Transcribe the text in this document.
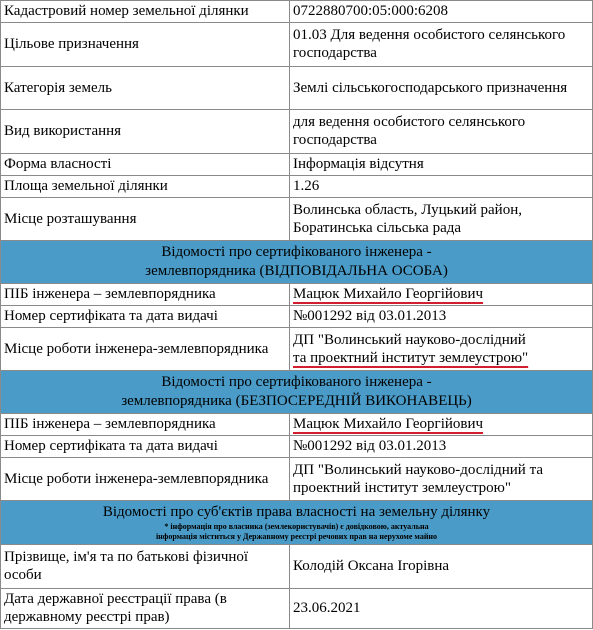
Кадастровий номер земельної ділянки	0722880700:05:000:6208
Цільове призначення	01.03 Для ведення особистого селянського господарства
Категорія земель	Землі сільськогосподарського призначення
Вид використання	для ведення особистого селянського господарства
Форма власності	Інформація відсутня
Площа земельної ділянки	1.26
Місце розташування	Волинська область, Луцький район, Боратинська сільська рада
Відомості про сертифікованого інженера -
землевпорядника (ВІДПОВІДАЛЬНА ОСОБА)	
ПІБ інженера – землевпорядника	Мацюк Михайло Георгійович
Номер сертифіката та дата видачі	№001292 від 03.01.2013
Місце роботи інженера-землевпорядника	ДП "Волинський науково-дослідний
та проектний інститут землеустрою"
Відомості про сертифікованого інженера -
землевпорядника (БЕЗПОСЕРЕДНІЙ ВИКОНАВЕЦЬ)	
ПІБ інженера – землевпорядника	Мацюк Михайло Георгійович
Номер сертифіката та дата видачі	№001292 від 03.01.2013
Місце роботи інженера-землевпорядника	ДП "Волинський науково-дослідний та проектний інститут землеустрою"
Відомості про суб'єктів права власності на земельну ділянку
* інформація про власника (землекористувачів) є довідковою, актуальна
інформація міститься у Державному реєстрі речових прав на нерухоме майно	

Прізвище, ім'я та по батькові фізичної особи	Колодій Оксана Ігорівна
Дата державної реєстрації права (в державному реєстрі прав)	23.06.2021
